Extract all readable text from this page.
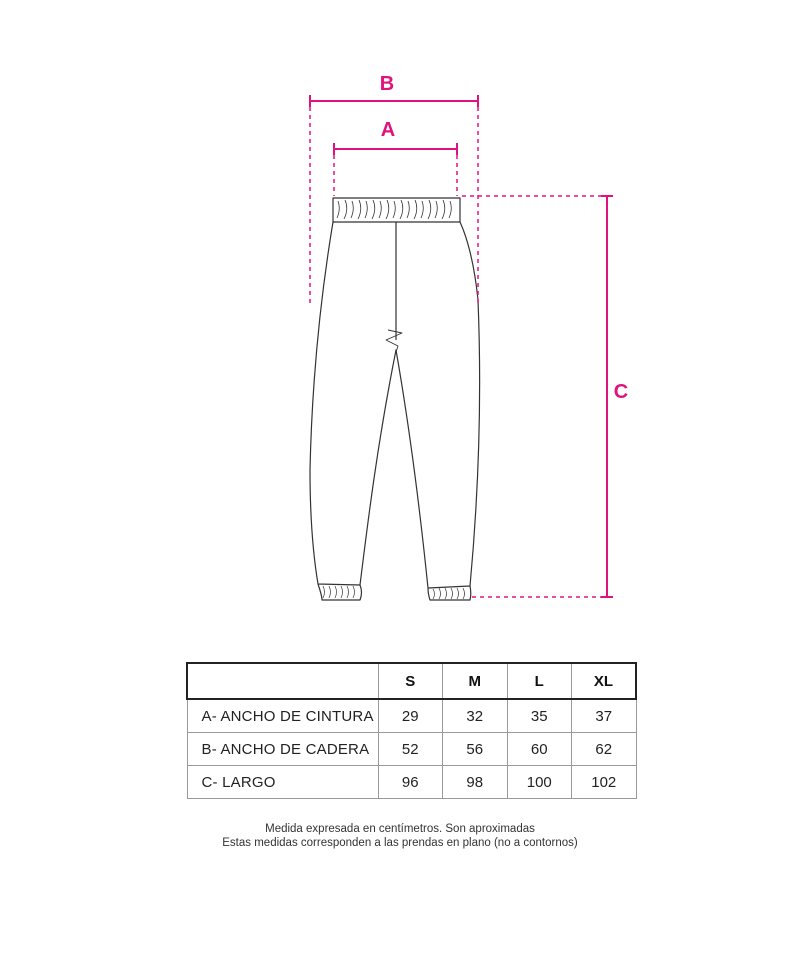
B
A
C
	S	M	L	XL
A- ANCHO DE CINTURA	29	32	35	37
B- ANCHO DE CADERA	52	56	60	62
C- LARGO	96	98	100	102
Medida expresada en centímetros. Son aproximadas
Estas medidas corresponden a las prendas en plano (no a contornos)
